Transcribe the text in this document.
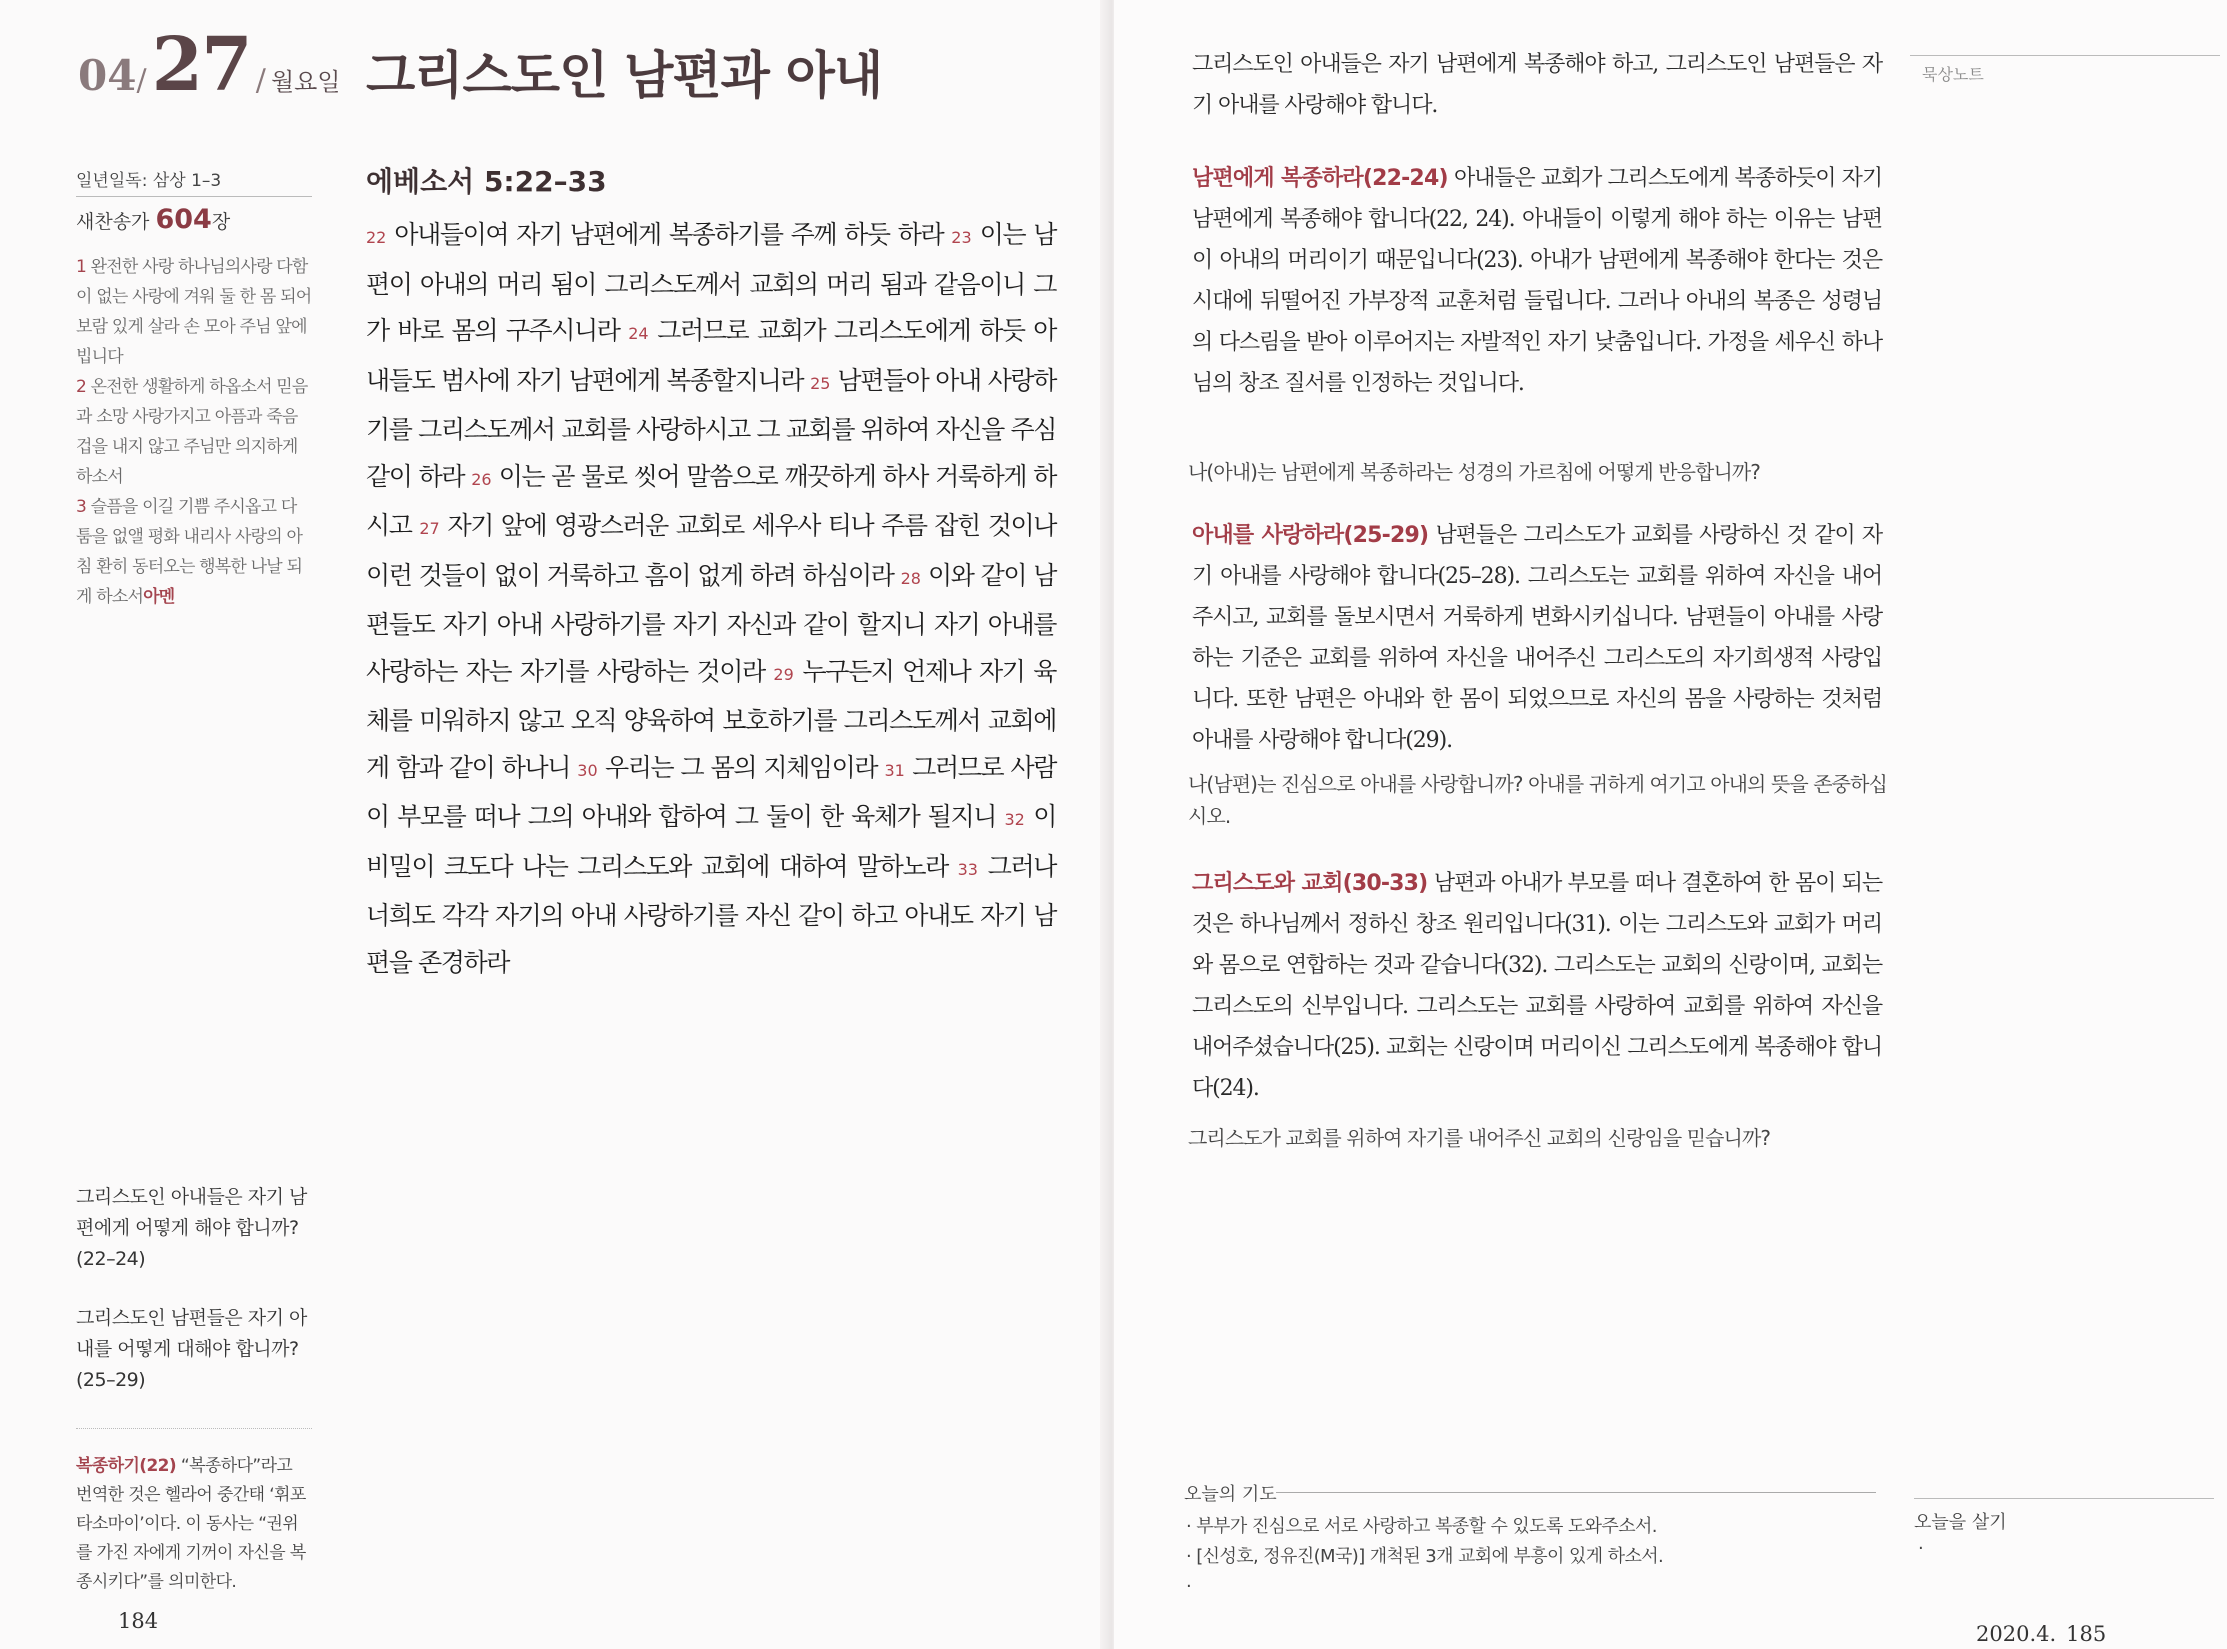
04/ 27 / 월요일 그리스도인 남편과 아내
일년일독: 삼상 1–3
새찬송가 604장
1 완전한 사랑 하나님의사랑 다함이 없는 사랑에 겨워 둘 한 몸 되어 보람 있게 살라 손 모아 주님 앞에 빕니다
2 온전한 생활하게 하옵소서 믿음과 소망 사랑가지고 아픔과 죽음 겁을 내지 않고 주님만 의지하게 하소서
3 슬픔을 이길 기쁨 주시옵고 다툼을 없앨 평화 내리사 사랑의 아침 환히 동터오는 행복한 나날 되게 하소서아멘
그리스도인 아내들은 자기 남편에게 어떻게 해야 합니까? (22–24)
그리스도인 남편들은 자기 아내를 어떻게 대해야 합니까? (25–29)
복종하기(22) “복종하다”라고 번역한 것은 헬라어 중간태 ‘휘포타소마이’이다. 이 동사는 “권위를 가진 자에게 기꺼이 자신을 복종시키다”를 의미한다.
184
에베소서 5:22–33
22 아내들이여 자기 남편에게 복종하기를 주께 하듯 하라 23 이는 남편이 아내의 머리 됨이 그리스도께서 교회의 머리 됨과 같음이니 그가 바로 몸의 구주시니라 24 그러므로 교회가 그리스도에게 하듯 아내들도 범사에 자기 남편에게 복종할지니라 25 남편들아 아내 사랑하기를 그리스도께서 교회를 사랑하시고 그 교회를 위하여 자신을 주심 같이 하라 26 이는 곧 물로 씻어 말씀으로 깨끗하게 하사 거룩하게 하시고 27 자기 앞에 영광스러운 교회로 세우사 티나 주름 잡힌 것이나 이런 것들이 없이 거룩하고 흠이 없게 하려 하심이라 28 이와 같이 남편들도 자기 아내 사랑하기를 자기 자신과 같이 할지니 자기 아내를 사랑하는 자는 자기를 사랑하는 것이라 29 누구든지 언제나 자기 육체를 미워하지 않고 오직 양육하여 보호하기를 그리스도께서 교회에게 함과 같이 하나니 30 우리는 그 몸의 지체임이라 31 그러므로 사람이 부모를 떠나 그의 아내와 합하여 그 둘이 한 육체가 될지니 32 이 비밀이 크도다 나는 그리스도와 교회에 대하여 말하노라 33 그러나 너희도 각각 자기의 아내 사랑하기를 자신 같이 하고 아내도 자기 남편을 존경하라
그리스도인 아내들은 자기 남편에게 복종해야 하고, 그리스도인 남편들은 자기 아내를 사랑해야 합니다.
남편에게 복종하라(22-24) 아내들은 교회가 그리스도에게 복종하듯이 자기 남편에게 복종해야 합니다(22, 24). 아내들이 이렇게 해야 하는 이유는 남편이 아내의 머리이기 때문입니다(23). 아내가 남편에게 복종해야 한다는 것은 시대에 뒤떨어진 가부장적 교훈처럼 들립니다. 그러나 아내의 복종은 성령님의 다스림을 받아 이루어지는 자발적인 자기 낮춤입니다. 가정을 세우신 하나님의 창조 질서를 인정하는 것입니다.
나(아내)는 남편에게 복종하라는 성경의 가르침에 어떻게 반응합니까?
아내를 사랑하라(25-29) 남편들은 그리스도가 교회를 사랑하신 것 같이 자기 아내를 사랑해야 합니다(25–28). 그리스도는 교회를 위하여 자신을 내어주시고, 교회를 돌보시면서 거룩하게 변화시키십니다. 남편들이 아내를 사랑하는 기준은 교회를 위하여 자신을 내어주신 그리스도의 자기희생적 사랑입니다. 또한 남편은 아내와 한 몸이 되었으므로 자신의 몸을 사랑하는 것처럼 아내를 사랑해야 합니다(29).
나(남편)는 진심으로 아내를 사랑합니까? 아내를 귀하게 여기고 아내의 뜻을 존중하십시오.
그리스도와 교회(30-33) 남편과 아내가 부모를 떠나 결혼하여 한 몸이 되는 것은 하나님께서 정하신 창조 원리입니다(31). 이는 그리스도와 교회가 머리와 몸으로 연합하는 것과 같습니다(32). 그리스도는 교회의 신랑이며, 교회는 그리스도의 신부입니다. 그리스도는 교회를 사랑하여 교회를 위하여 자신을 내어주셨습니다(25). 교회는 신랑이며 머리이신 그리스도에게 복종해야 합니다(24).
그리스도가 교회를 위하여 자기를 내어주신 교회의 신랑임을 믿습니까?
묵상노트
오늘의 기도
· 부부가 진심으로 서로 사랑하고 복종할 수 있도록 도와주소서.
· [신성호, 정유진(M국)] 개척된 3개 교회에 부흥이 있게 하소서.
·
오늘을 살기
·
2020.4. 185
